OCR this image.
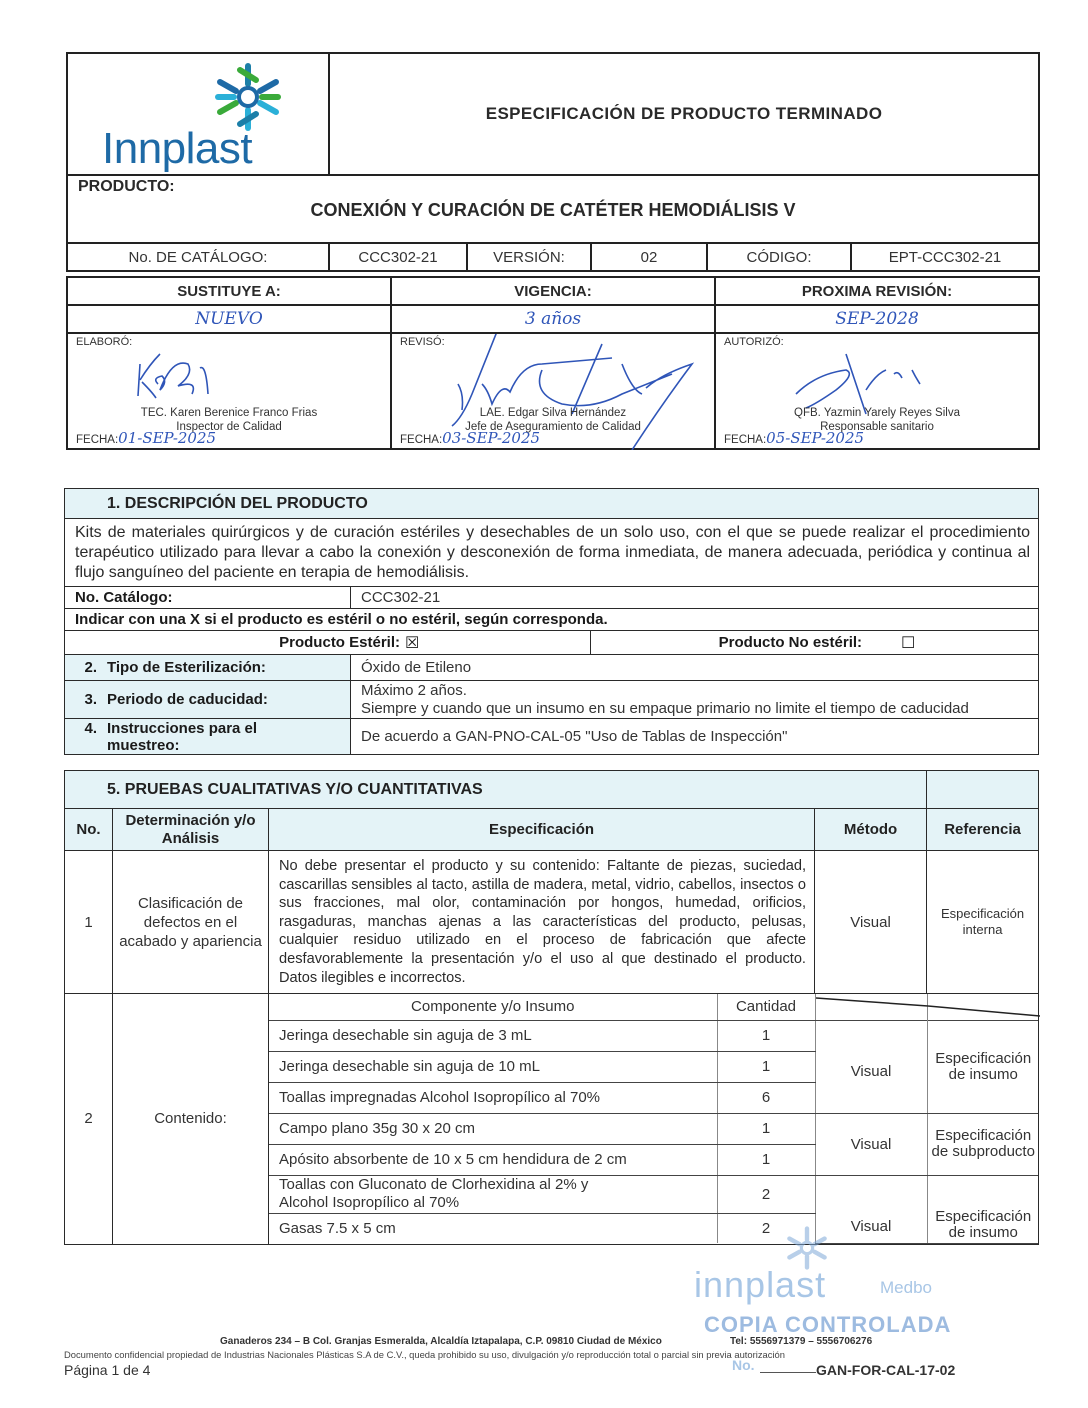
Innplast	ESPECIFICACIÓN DE PRODUCTO TERMINADO				

PRODUCTO:
CONEXIÓN Y CURACIÓN DE CATÉTER HEMODIÁLISIS V					

No. DE CATÁLOGO:	CCC302-21	VERSIÓN:	02	CÓDIGO:	EPT-CCC302-21
SUSTITUYE A:	VIGENCIA:	PROXIMA REVISIÓN:
NUEVO	3 años	SEP-2028

ELABORÓ:
TEC. Karen Berenice Franco Frias
Inspector de Calidad
FECHA:01-SEP-2025

REVISÓ:
LAE. Edgar Silva Hernández
Jefe de Aseguramiento de Calidad
FECHA:03-SEP-2025

AUTORIZÓ:
QFB. Yazmin Yarely Reyes Silva
Responsable sanitario
FECHA:05-SEP-2025
1. DESCRIPCIÓN DEL PRODUCTO		
Kits de materiales quirúrgicos y de curación estériles y desechables de un solo uso, con el que se puede realizar el procedimiento terapéutico utilizado para llevar a cabo la conexión y desconexión de forma inmediata, de manera adecuada, periódica y continua al flujo sanguíneo del paciente en terapia de hemodiálisis.		
No. Catálogo:	CCC302-21	
Indicar con una X si el producto es estéril o no estéril, según corresponda.		
Producto Estéril: ☒		Producto No estéril: ☐

2. Tipo de Esterilización:	Óxido de Etileno	
3. Periodo de caducidad:	Máximo 2 años.
Siempre y cuando que un insumo en su empaque primario no limite el tiempo de caducidad	

4. Instrucciones para el muestreo:	De acuerdo a GAN-PNO-CAL-05 "Uso de Tablas de Inspección"	
5. PRUEBAS CUALITATIVAS Y/O CUANTITATIVAS	
No.	Determinación y/o Análisis	Especificación	Método	Referencia
1	Clasificación de defectos en el acabado y apariencia	No debe presentar el producto y su contenido: Faltante de piezas, suciedad, cascarillas sensibles al tacto, astilla de madera, metal, vidrio, cabellos, insectos o sus fracciones, mal olor, contaminación por hongos, humedad, orificios, rasgaduras, manchas ajenas a las características del producto, pelusas, cualquier residuo utilizado en el proceso de fabricación que afecte desfavorablemente la presentación y/o el uso al que destinado el producto. Datos ilegibles e incorrectos.	Visual	Especificación interna
2	Contenido:	
Componente y/o Insumo	Cantidad	

Jeringa desechable sin aguja de 3 mL	1	Visual	Especificación de insumo
Jeringa desechable sin aguja de 10 mL	1
Toallas impregnadas Alcohol Isopropílico al 70%	6
Campo plano 35g 30 x 20 cm	1	Visual	Especificación de subproducto
Apósito absorbente de 10 x 5 cm hendidura de 2 cm	1
Toallas con Gluconato de Clorhexidina al 2% y Alcohol Isopropílico al 70%	2	Visual	Especificación de insumo
Gasas 7.5 x 5 cm	2
innplast	Medbo
COPIA CONTROLADA
No.
Ganaderos 234 – B Col. Granjas Esmeralda, Alcaldía Iztapalapa, C.P. 09810 Ciudad de México	Tel: 5556971379 – 5556706276
Documento confidencial propiedad de Industrias Nacionales Plásticas S.A de C.V., queda prohibido su uso, divulgación y/o reproducción total o parcial sin previa autorización
Página 1 de 4	GAN-FOR-CAL-17-02
